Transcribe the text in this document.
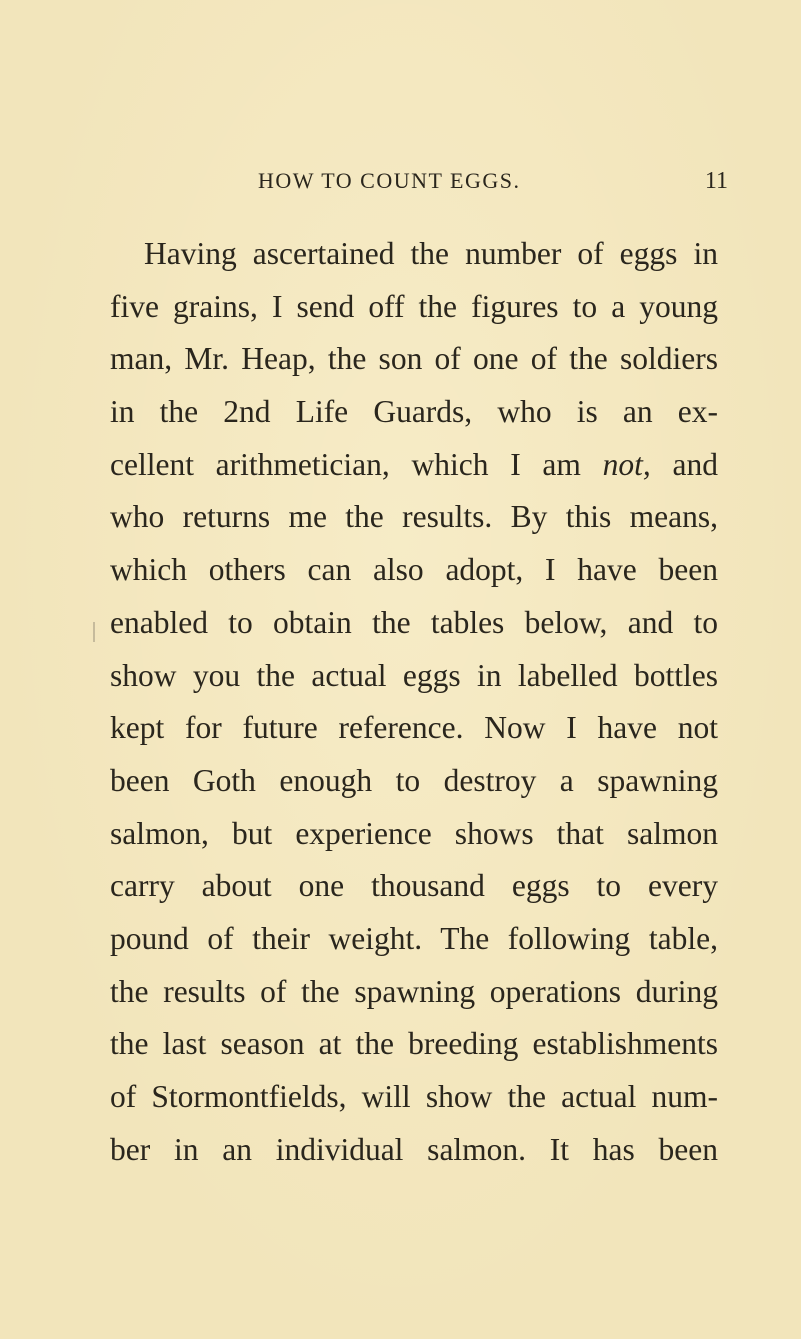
HOW TO COUNT EGGS.	11
Having ascertained the number of eggs in
five grains, I send off the figures to a young
man, Mr. Heap, the son of one of the soldiers
in the 2nd Life Guards, who is an ex-
cellent arithmetician, which I am not, and
who returns me the results. By this means,
which others can also adopt, I have been
enabled to obtain the tables below, and to
show you the actual eggs in labelled bottles
kept for future reference. Now I have not
been Goth enough to destroy a spawning
salmon, but experience shows that salmon
carry about one thousand eggs to every
pound of their weight. The following table,
the results of the spawning operations during
the last season at the breeding establishments
of Stormontfields, will show the actual num-
ber in an individual salmon. It has been
